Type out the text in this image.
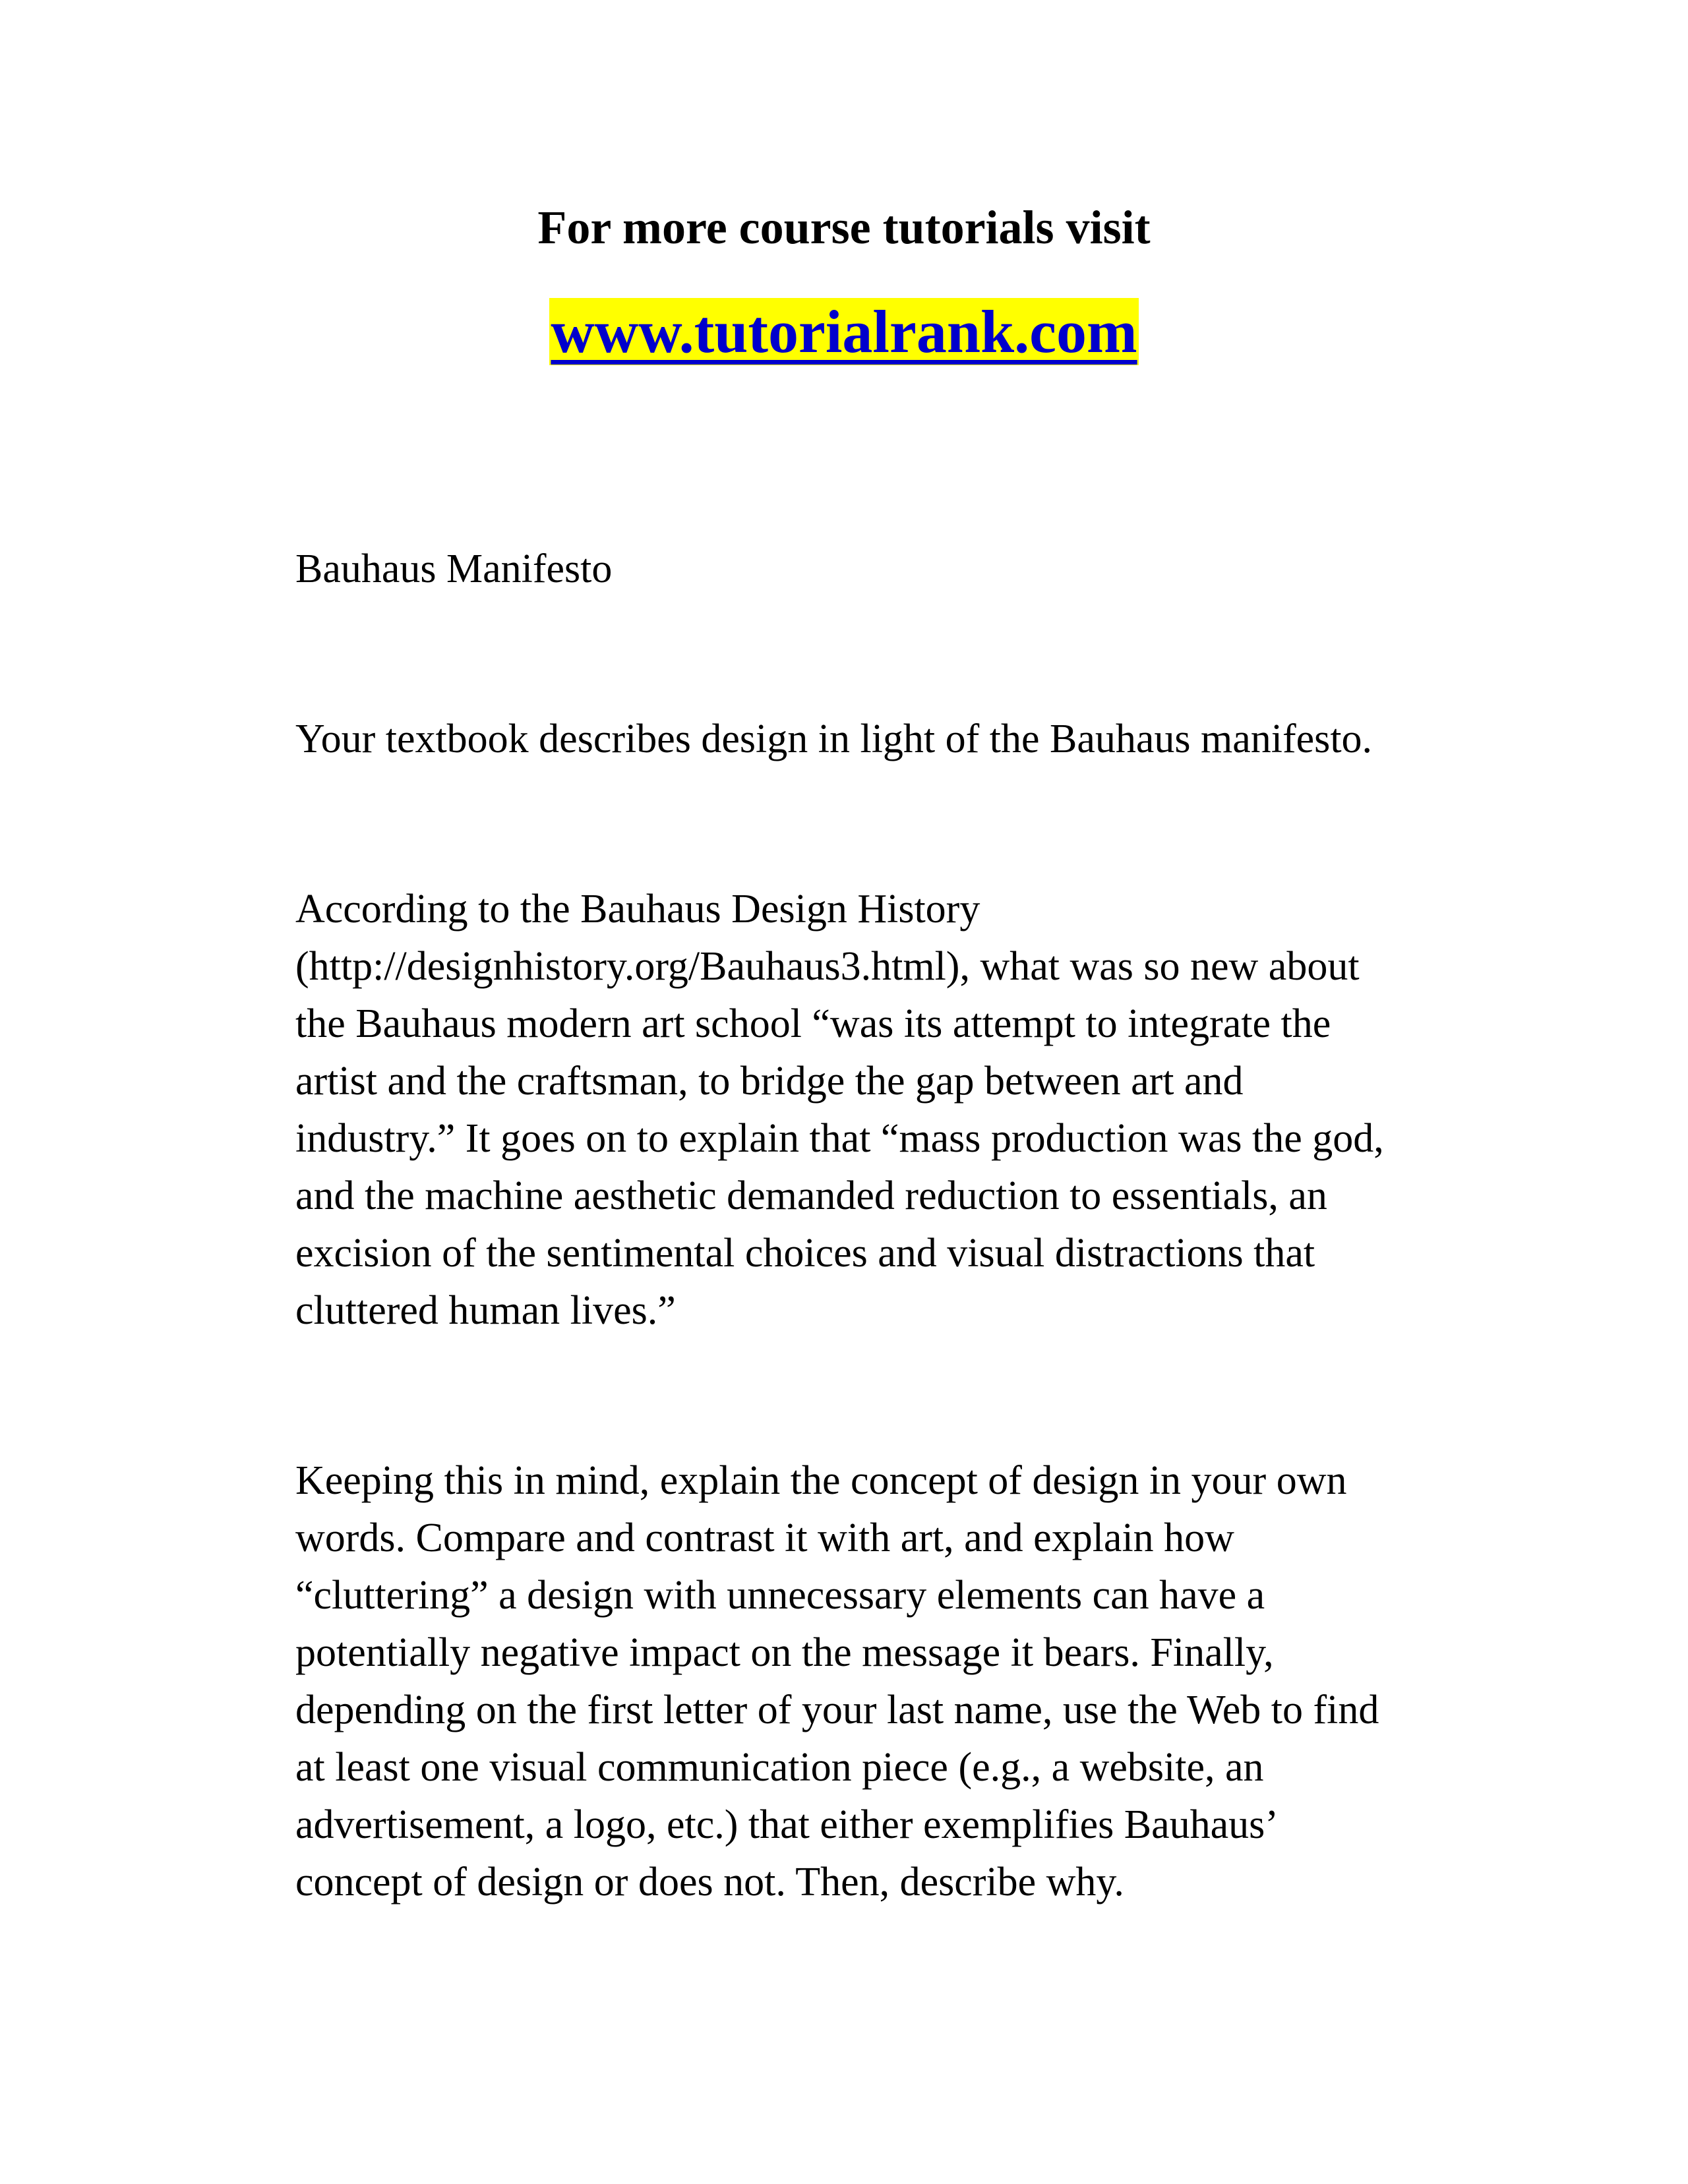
For more course tutorials visit
www.tutorialrank.com
Bauhaus Manifesto
Your textbook describes design in light of the Bauhaus manifesto.
According to the Bauhaus Design History
(http://designhistory.org/Bauhaus3.html), what was so new about
the Bauhaus modern art school “was its attempt to integrate the
artist and the craftsman, to bridge the gap between art and
industry.” It goes on to explain that “mass production was the god,
and the machine aesthetic demanded reduction to essentials, an
excision of the sentimental choices and visual distractions that
cluttered human lives.”
Keeping this in mind, explain the concept of design in your own
words. Compare and contrast it with art, and explain how
“cluttering” a design with unnecessary elements can have a
potentially negative impact on the message it bears. Finally,
depending on the first letter of your last name, use the Web to find
at least one visual communication piece (e.g., a website, an
advertisement, a logo, etc.) that either exemplifies Bauhaus’
concept of design or does not. Then, describe why.
